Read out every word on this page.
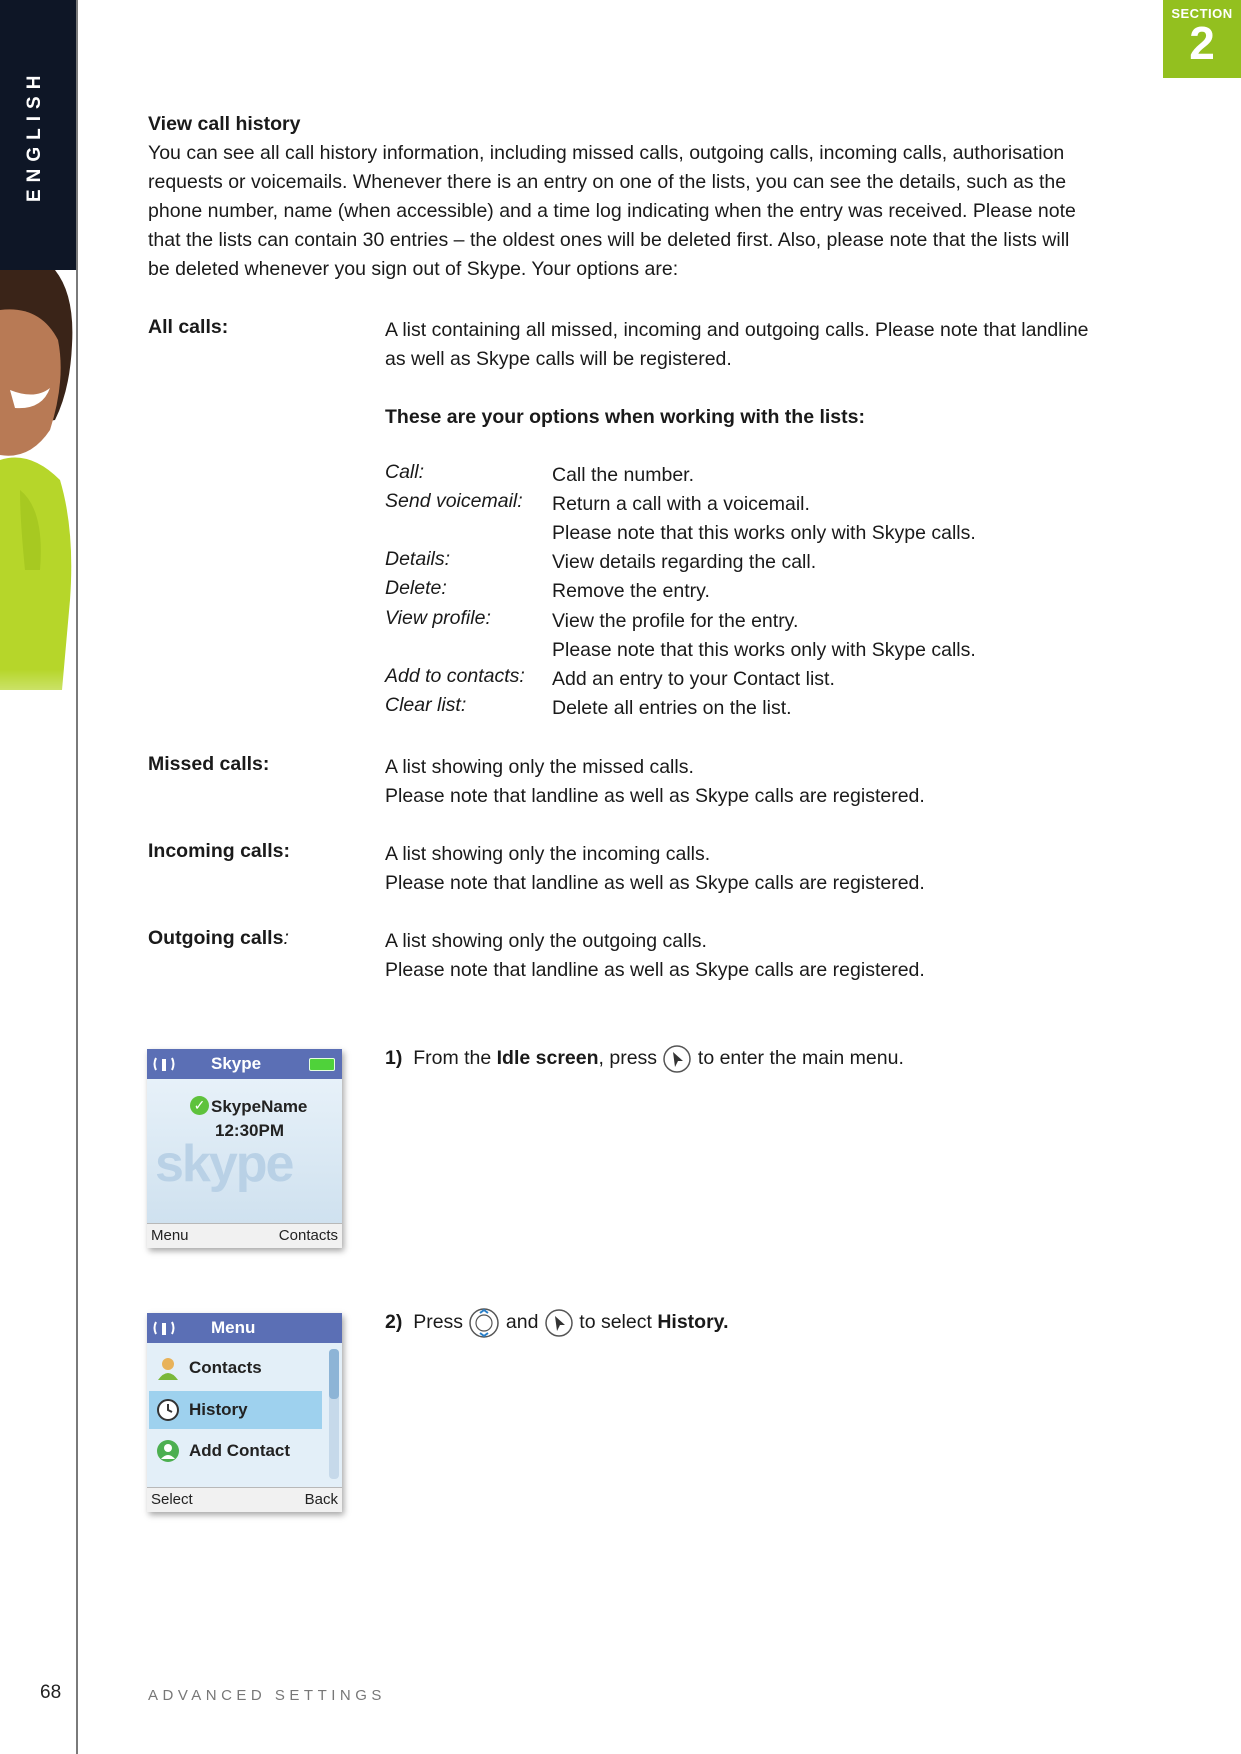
ENGLISH
SECTION
2

View call history

You can see all call history information, including missed calls, outgoing calls, incoming calls, authorisation
requests or voicemails. Whenever there is an entry on one of the lists, you can see the details, such as the
phone number, name (when accessible) and a time log indicating when the entry was received. Please note
that the lists can contain 30 entries – the oldest ones will be deleted first. Also, please note that the lists will
be deleted whenever you sign out of Skype. Your options are:
All calls:	A list containing all missed, incoming and outgoing calls. Please note that landline
as well as Skype calls will be registered.
These are your options when working with the lists:
Call:	Call the number.
Send voicemail: Return a call with a voicemail.
Please note that this works only with Skype calls.
Details:	View details regarding the call.
Delete:	Remove the entry.
View profile:	View the profile for the entry.
Please note that this works only with Skype calls.
Add to contacts: Add an entry to your Contact list.
Clear list:	Delete all entries on the list.
Missed calls:	A list showing only the missed calls.
Please note that landline as well as Skype calls are registered.
Incoming calls:	A list showing only the incoming calls.
Please note that landline as well as Skype calls are registered.
Outgoing calls:	A list showing only the outgoing calls.
Please note that landline as well as Skype calls are registered.
Skype
skype
✓ SkypeName
12:30PM
Menu	Contacts
1) From the Idle screen, press to enter the main menu.
Menu
Contacts
History
Add Contact
Select	Back
2) Press and to select History.
68	ADVANCED SETTINGS
